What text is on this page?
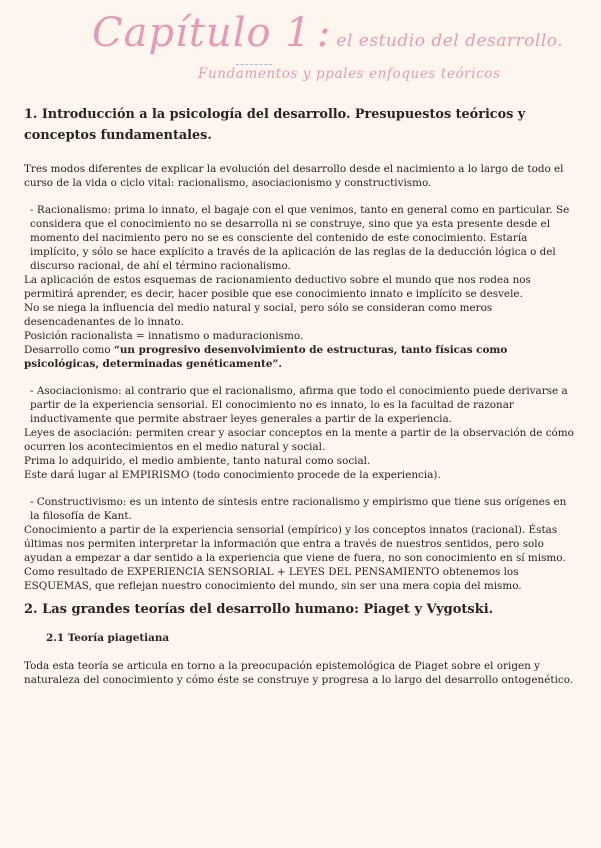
Capítulo 1 : el estudio del desarrollo.
Fundamentos y ppales enfoques teóricos
1. Introducción a la psicología del desarrollo. Presupuestos teóricos y conceptos fundamentales.

Tres modos diferentes de explicar la evolución del desarrollo desde el nacimiento a lo largo de todo el curso de la vida o ciclo vital: racionalismo, asociacionismo y constructivismo.

- Racionalismo: prima lo innato, el bagaje con el que venimos, tanto en general como en particular. Se considera que el conocimiento no se desarrolla ni se construye, sino que ya esta presente desde el momento del nacimiento pero no se es consciente del contenido de este conocimiento. Estaría implícito, y sólo se hace explícito a través de la aplicación de las reglas de la deducción lógica o del discurso racional, de ahí el término racionalismo.

La aplicación de estos esquemas de racionamiento deductivo sobre el mundo que nos rodea nos permitirá aprender, es decir, hacer posible que ese conocimiento innato e implícito se desvele.

No se niega la influencia del medio natural y social, pero sólo se consideran como meros desencadenantes de lo innato.

Posición racionalista = innatismo o maduracionismo.

Desarrollo como “un progresivo desenvolvimiento de estructuras, tanto físicas como psicológicas, determinadas genéticamente”.

- Asociacionismo: al contrario que el racionalismo, afirma que todo el conocimiento puede derivarse a partir de la experiencia sensorial. El conocimiento no es innato, lo es la facultad de razonar inductivamente que permite abstraer leyes generales a partir de la experiencia.

Leyes de asociación: permiten crear y asociar conceptos en la mente a partir de la observación de cómo ocurren los acontecimientos en el medio natural y social.

Prima lo adquirido, el medio ambiente, tanto natural como social.

Este dará lugar al EMPIRISMO (todo conocimiento procede de la experiencia).

- Constructivismo: es un intento de síntesis entre racionalismo y empirismo que tiene sus orígenes en la filosofía de Kant.

Conocimiento a partir de la experiencia sensorial (empírico) y los conceptos innatos (racional). Éstas últimas nos permiten interpretar la información que entra a través de nuestros sentidos, pero solo ayudan a empezar a dar sentido a la experiencia que viene de fuera, no son conocimiento en sí mismo.

Como resultado de EXPERIENCIA SENSORIAL + LEYES DEL PENSAMIENTO obtenemos los ESQUEMAS, que reflejan nuestro conocimiento del mundo, sin ser una mera copia del mismo.

2. Las grandes teorías del desarrollo humano: Piaget y Vygotski.
2.1 Teoría piagetiana

Toda esta teoría se articula en torno a la preocupación epistemológica de Piaget sobre el origen y naturaleza del conocimiento y cómo éste se construye y progresa a lo largo del desarrollo ontogenético.
